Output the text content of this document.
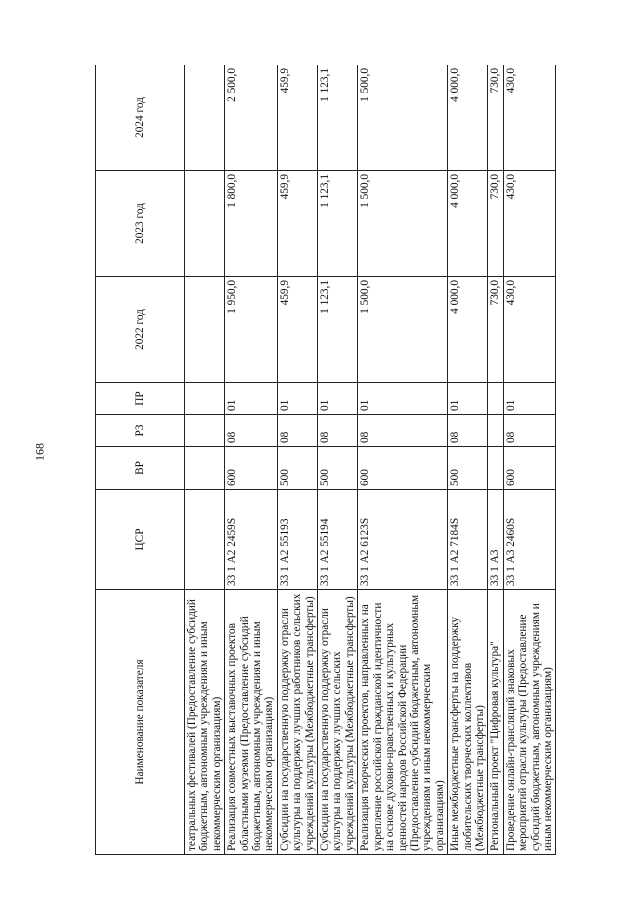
168
Наименование показателя	ЦСР	ВР	РЗ	ПР	2022 год	2023 год	2024 год
театральных фестивалей (Предоставление субсидий бюджетным, автономным учреждениям и иным некоммерческим организациям)							
Реализация совместных выставочных проектов областными музеями (Предоставление субсидий бюджетным, автономным учреждениям и иным некоммерческим организациям)	33 1 А2 2459S	600	08	01	1 950,0	1 800,0	2 500,0
Субсидии на государственную поддержку отрасли культуры на поддержку лучших работников сельских учреждений культуры (Межбюджетные трансферты)	33 1 А2 55193	500	08	01	459,9	459,9	459,9
Субсидии на государственную поддержку отрасли культуры на поддержку лучших сельских учреждений культуры (Межбюджетные трансферты)	33 1 А2 55194	500	08	01	1 123,1	1 123,1	1 123,1
Реализация творческих проектов, направленных на укрепление российской гражданской идентичности на основе духовно-нравственных и культурных ценностей народов Российской Федерации (Предоставление субсидий бюджетным, автономным учреждениям и иным некоммерческим организациям)	33 1 А2 6123S	600	08	01	1 500,0	1 500,0	1 500,0
Иные межбюджетные трансферты на поддержку любительских творческих коллективов (Межбюджетные трансферты)	33 1 А2 7184S	500	08	01	4 000,0	4 000,0	4 000,0
Региональный проект "Цифровая культура"	33 1 А3				730,0	730,0	730,0
Проведение онлайн-трансляций знаковых мероприятий отрасли культуры (Предоставление субсидий бюджетным, автономным учреждениям и иным некоммерческим организациям)	33 1 А3 2460S	600	08	01	430,0	430,0	430,0
